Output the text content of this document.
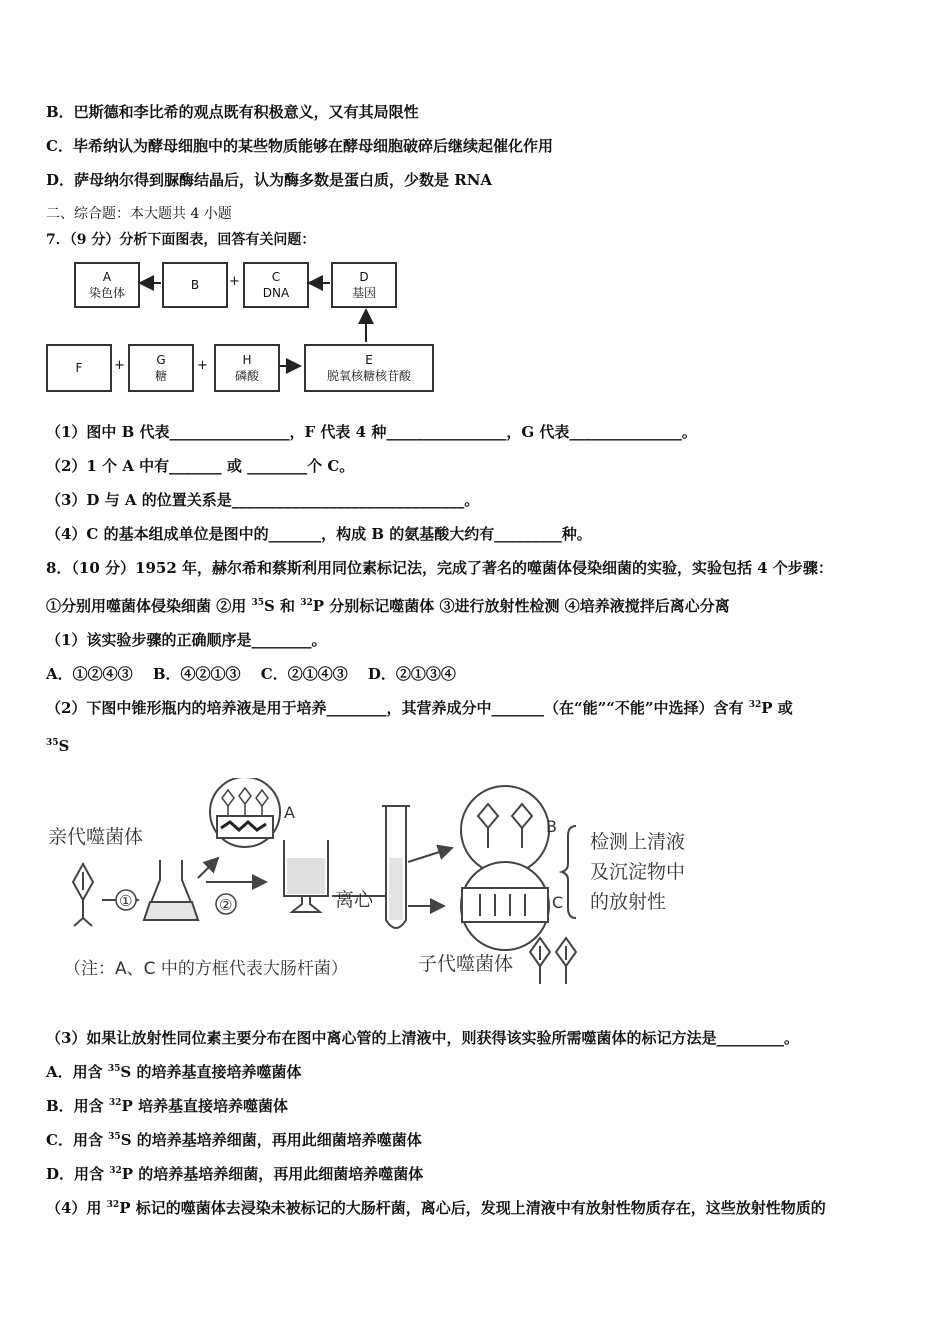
B．巴斯德和李比希的观点既有积极意义，又有其局限性
C．毕希纳认为酵母细胞中的某些物质能够在酵母细胞破碎后继续起催化作用
D．萨母纳尔得到脲酶结晶后，认为酶多数是蛋白质，少数是 RNA
二、综合题：本大题共 4 小题
7．（9 分）分析下面图表，回答有关问题：
A
染色体
B +	C
DNA
D
基因
F +	G
糖
+	H
磷酸
E
脱氧核糖核苷酸
（1）图中 B 代表________________，F 代表 4 种________________，G 代表_______________。
（2）1 个 A 中有_______ 或 ________个 C。
（3）D 与 A 的位置关系是_______________________________。
（4）C 的基本组成单位是图中的_______，构成 B 的氨基酸大约有_________种。
8．（10 分）1952 年，赫尔希和蔡斯利用同位素标记法，完成了著名的噬菌体侵染细菌的实验，实验包括 4 个步骤：
①分别用噬菌体侵染细菌 ②用 $^{35}$S 和 $^{32}$P 分别标记噬菌体 ③进行放射性检测 ④培养液搅拌后离心分离
（1）该实验步骤的正确顺序是________。
A．①②④③　 B．④②①③　 C．②①④③　 D．②①③④
（2）下图中锥形瓶内的培养液是用于培养________，其营养成分中_______（在“能”“不能”中选择）含有 $^{32}$P 或
$^{35}$S
亲代噬菌体
①
A
②	离心
B
C
检测上清液
及沉淀物中
的放射性
（注：A、C 中的方框代表大肠杆菌）	子代噬菌体
（3）如果让放射性同位素主要分布在图中离心管的上清液中，则获得该实验所需噬菌体的标记方法是_________。
A．用含 $^{35}$S 的培养基直接培养噬菌体
B．用含 $^{32}$P 培养基直接培养噬菌体
C．用含 $^{35}$S 的培养基培养细菌，再用此细菌培养噬菌体
D．用含 $^{32}$P 的培养基培养细菌，再用此细菌培养噬菌体
（4）用 $^{32}$P 标记的噬菌体去浸染未被标记的大肠杆菌，离心后，发现上清液中有放射性物质存在，这些放射性物质的
